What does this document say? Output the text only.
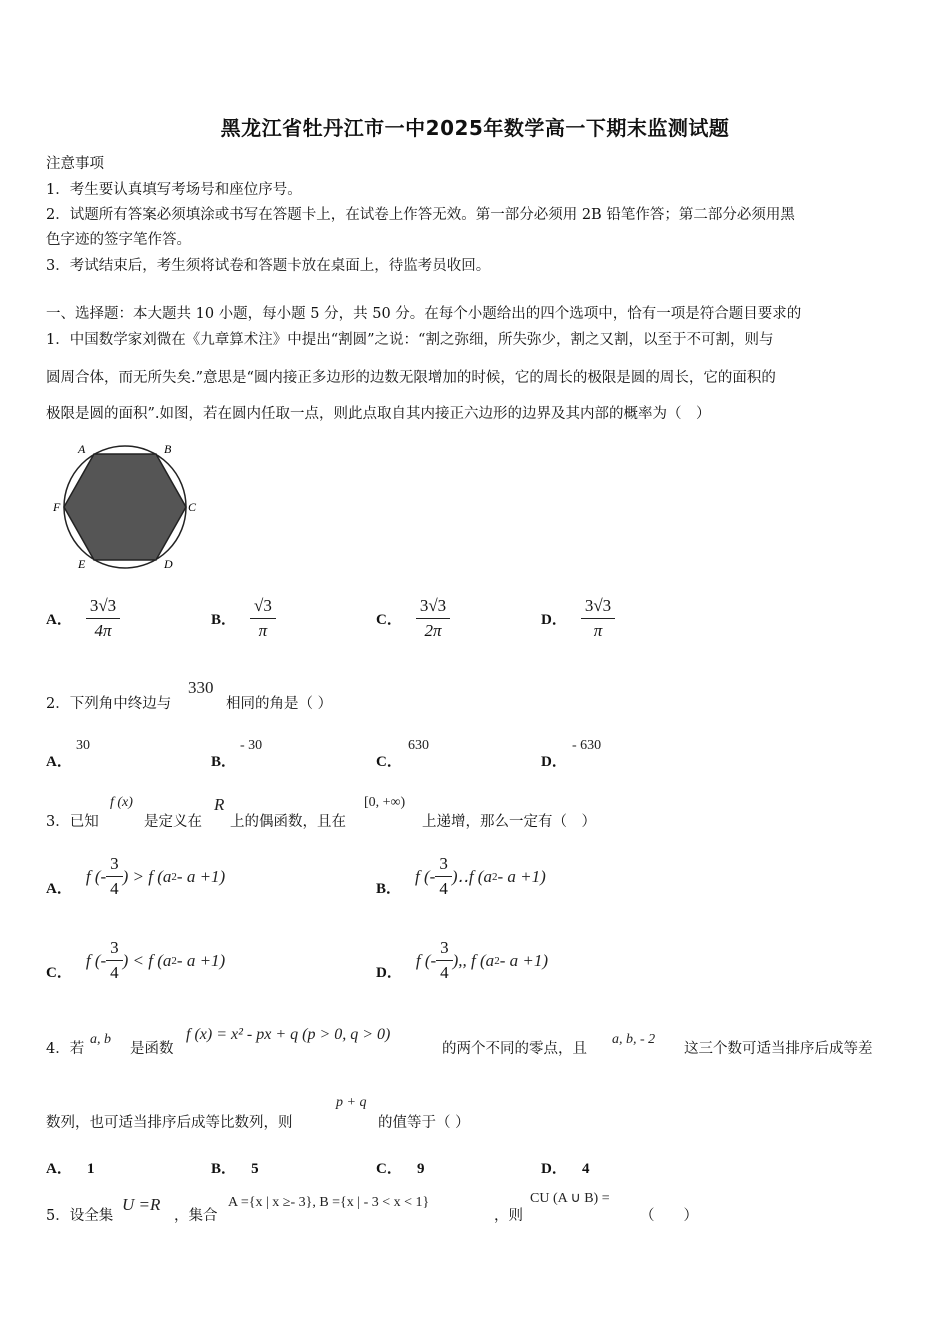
黑龙江省牡丹江市一中2025年数学高一下期末监测试题
注意事项
1．考生要认真填写考场号和座位序号。
2．试题所有答案必须填涂或书写在答题卡上，在试卷上作答无效。第一部分必须用 2B 铅笔作答；第二部分必须用黑
色字迹的签字笔作答。
3．考试结束后，考生须将试卷和答题卡放在桌面上，待监考员收回。
一、选择题：本大题共 10 小题，每小题 5 分，共 50 分。在每个小题给出的四个选项中，恰有一项是符合题目要求的
1．中国数学家刘微在《九章算术注》中提出“割圆”之说：“割之弥细，所失弥少，割之又割，以至于不可割，则与
圆周合体，而无所失矣.”意思是“圆内接正多边形的边数无限增加的时候，它的周长的极限是圆的周长，它的面积的
极限是圆的面积”.如图，若在圆内任取一点，则此点取自其内接正六边形的边界及其内部的概率为（　）
A	B
C
D
E
F
A． $\frac{3√3}{4\pi}$	B． $\frac{√3}{\pi}$	C． $\frac{3√3}{2\pi}$	D． $\frac{3√3}{\pi}$
2．下列角中终边与
330
相同的角是（ ）
A．
30
B．
- 30
C．
630
D．
- 630
3．已知
f (x)
是定义在
R
上的偶函数，且在
[0, +∞)
上递增，那么一定有（　）
A．
f (- $\frac{3}{4}$ ) > f (a 2 - a +1)
B．
f (- $\frac{3}{4}$ )‥f (a 2 - a +1)
C．
f (- $\frac{3}{4}$ ) < f (a 2 - a +1)
D．
f (- $\frac{3}{4}$ ),, f (a 2 - a +1)
4．若
a, b
是函数
f (x) = x² - px + q (p > 0, q > 0)
的两个不同的零点，且
a, b, - 2
这三个数可适当排序后成等差
数列，也可适当排序后成等比数列，则
p + q
的值等于（ ）
A． 1	B． 5	C． 9	D． 4
5．设全集
U =R
，集合
A ={x | x ≥- 3}, B ={x | - 3 < x < 1}
，则
CU (A ∪ B) =
（　　）
